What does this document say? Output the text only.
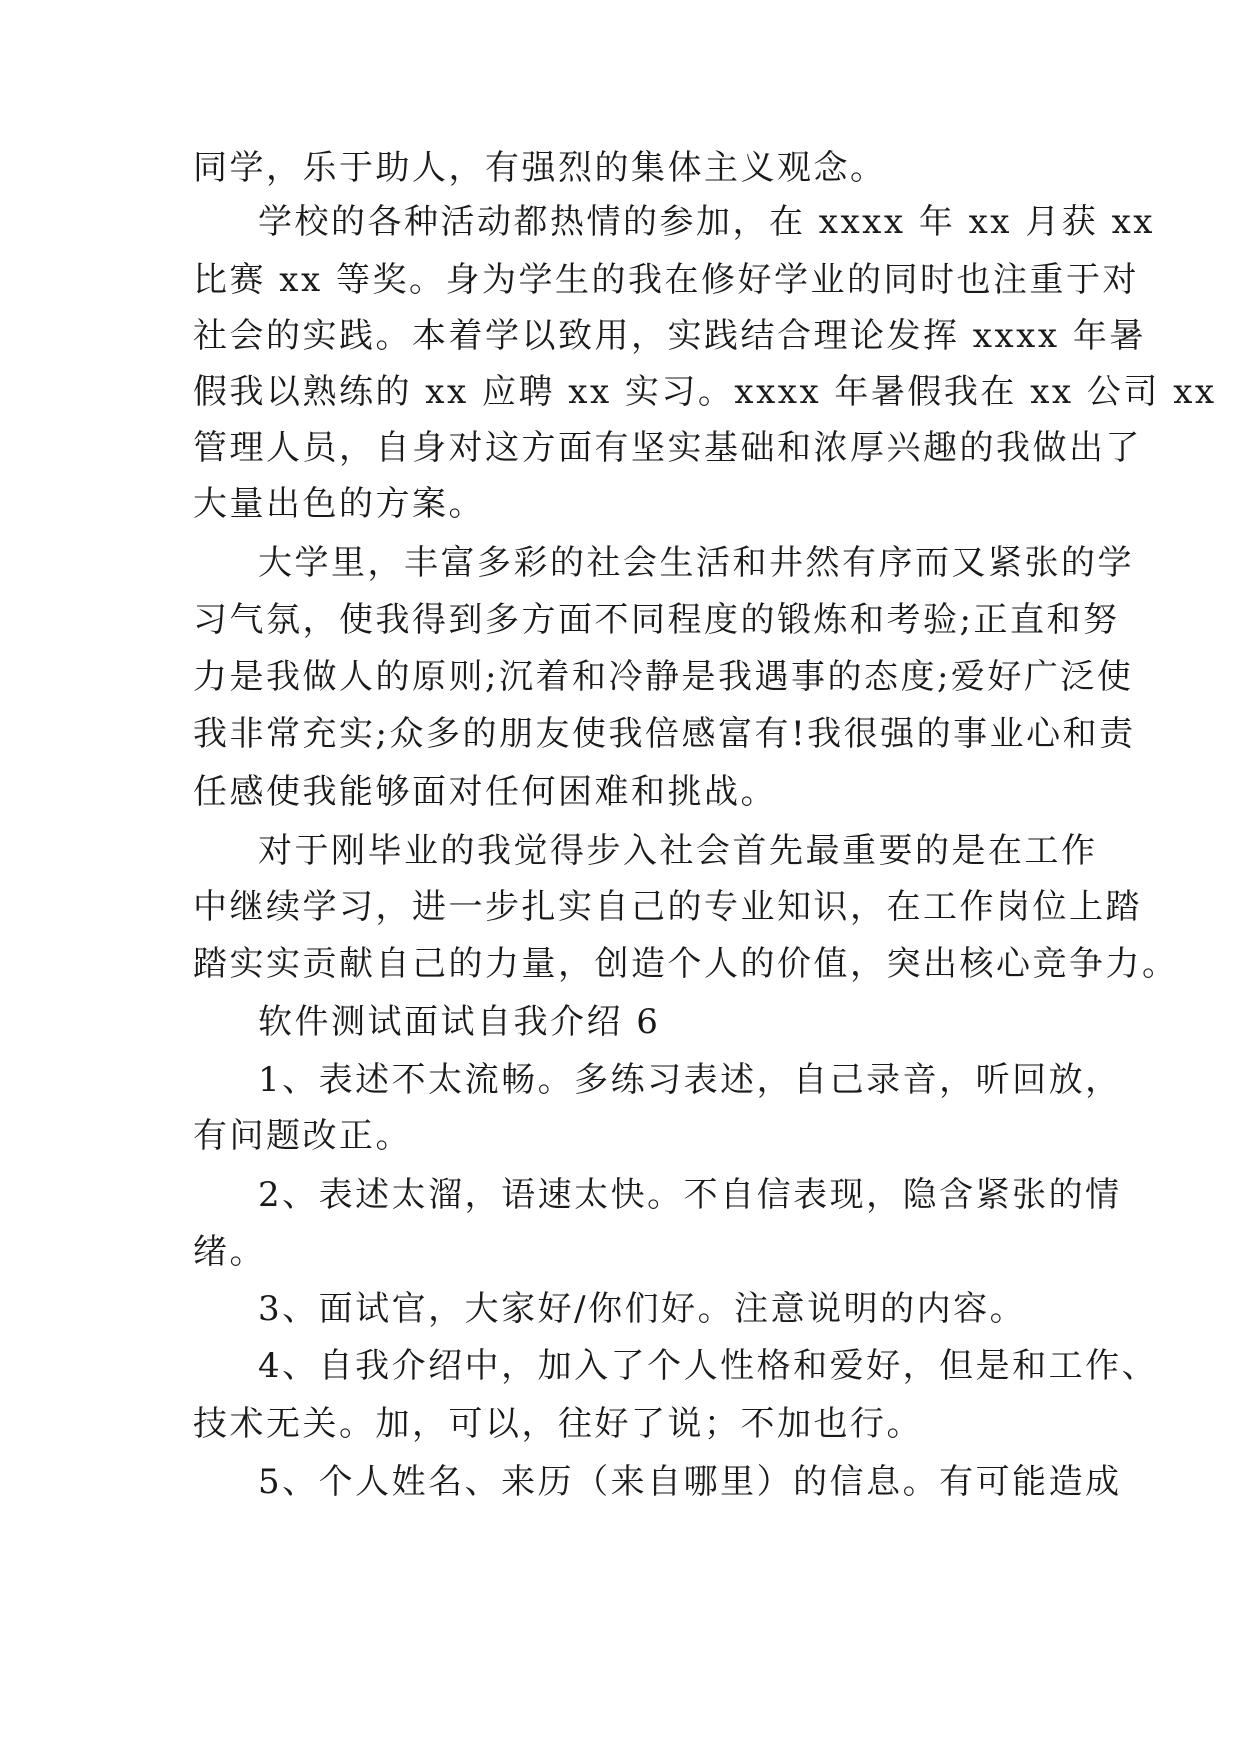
同学，乐于助人，有强烈的集体主义观念。
学校的各种活动都热情的参加，在 xxxx 年 xx 月获 xx
比赛 xx 等奖。身为学生的我在修好学业的同时也注重于对
社会的实践。本着学以致用，实践结合理论发挥 xxxx 年暑
假我以熟练的 xx 应聘 xx 实习。xxxx 年暑假我在 xx 公司 xx
管理人员，自身对这方面有坚实基础和浓厚兴趣的我做出了
大量出色的方案。
大学里，丰富多彩的社会生活和井然有序而又紧张的学
习气氛，使我得到多方面不同程度的锻炼和考验;正直和努
力是我做人的原则;沉着和冷静是我遇事的态度;爱好广泛使
我非常充实;众多的朋友使我倍感富有!我很强的事业心和责
任感使我能够面对任何困难和挑战。
对于刚毕业的我觉得步入社会首先最重要的是在工作
中继续学习，进一步扎实自己的专业知识，在工作岗位上踏
踏实实贡献自己的力量，创造个人的价值，突出核心竞争力。
软件测试面试自我介绍 6
1、表述不太流畅。多练习表述，自己录音，听回放，
有问题改正。
2、表述太溜，语速太快。不自信表现，隐含紧张的情
绪。
3、面试官，大家好/你们好。注意说明的内容。
4、自我介绍中，加入了个人性格和爱好，但是和工作、
技术无关。加，可以，往好了说；不加也行。
5、个人姓名、来历（来自哪里）的信息。有可能造成
